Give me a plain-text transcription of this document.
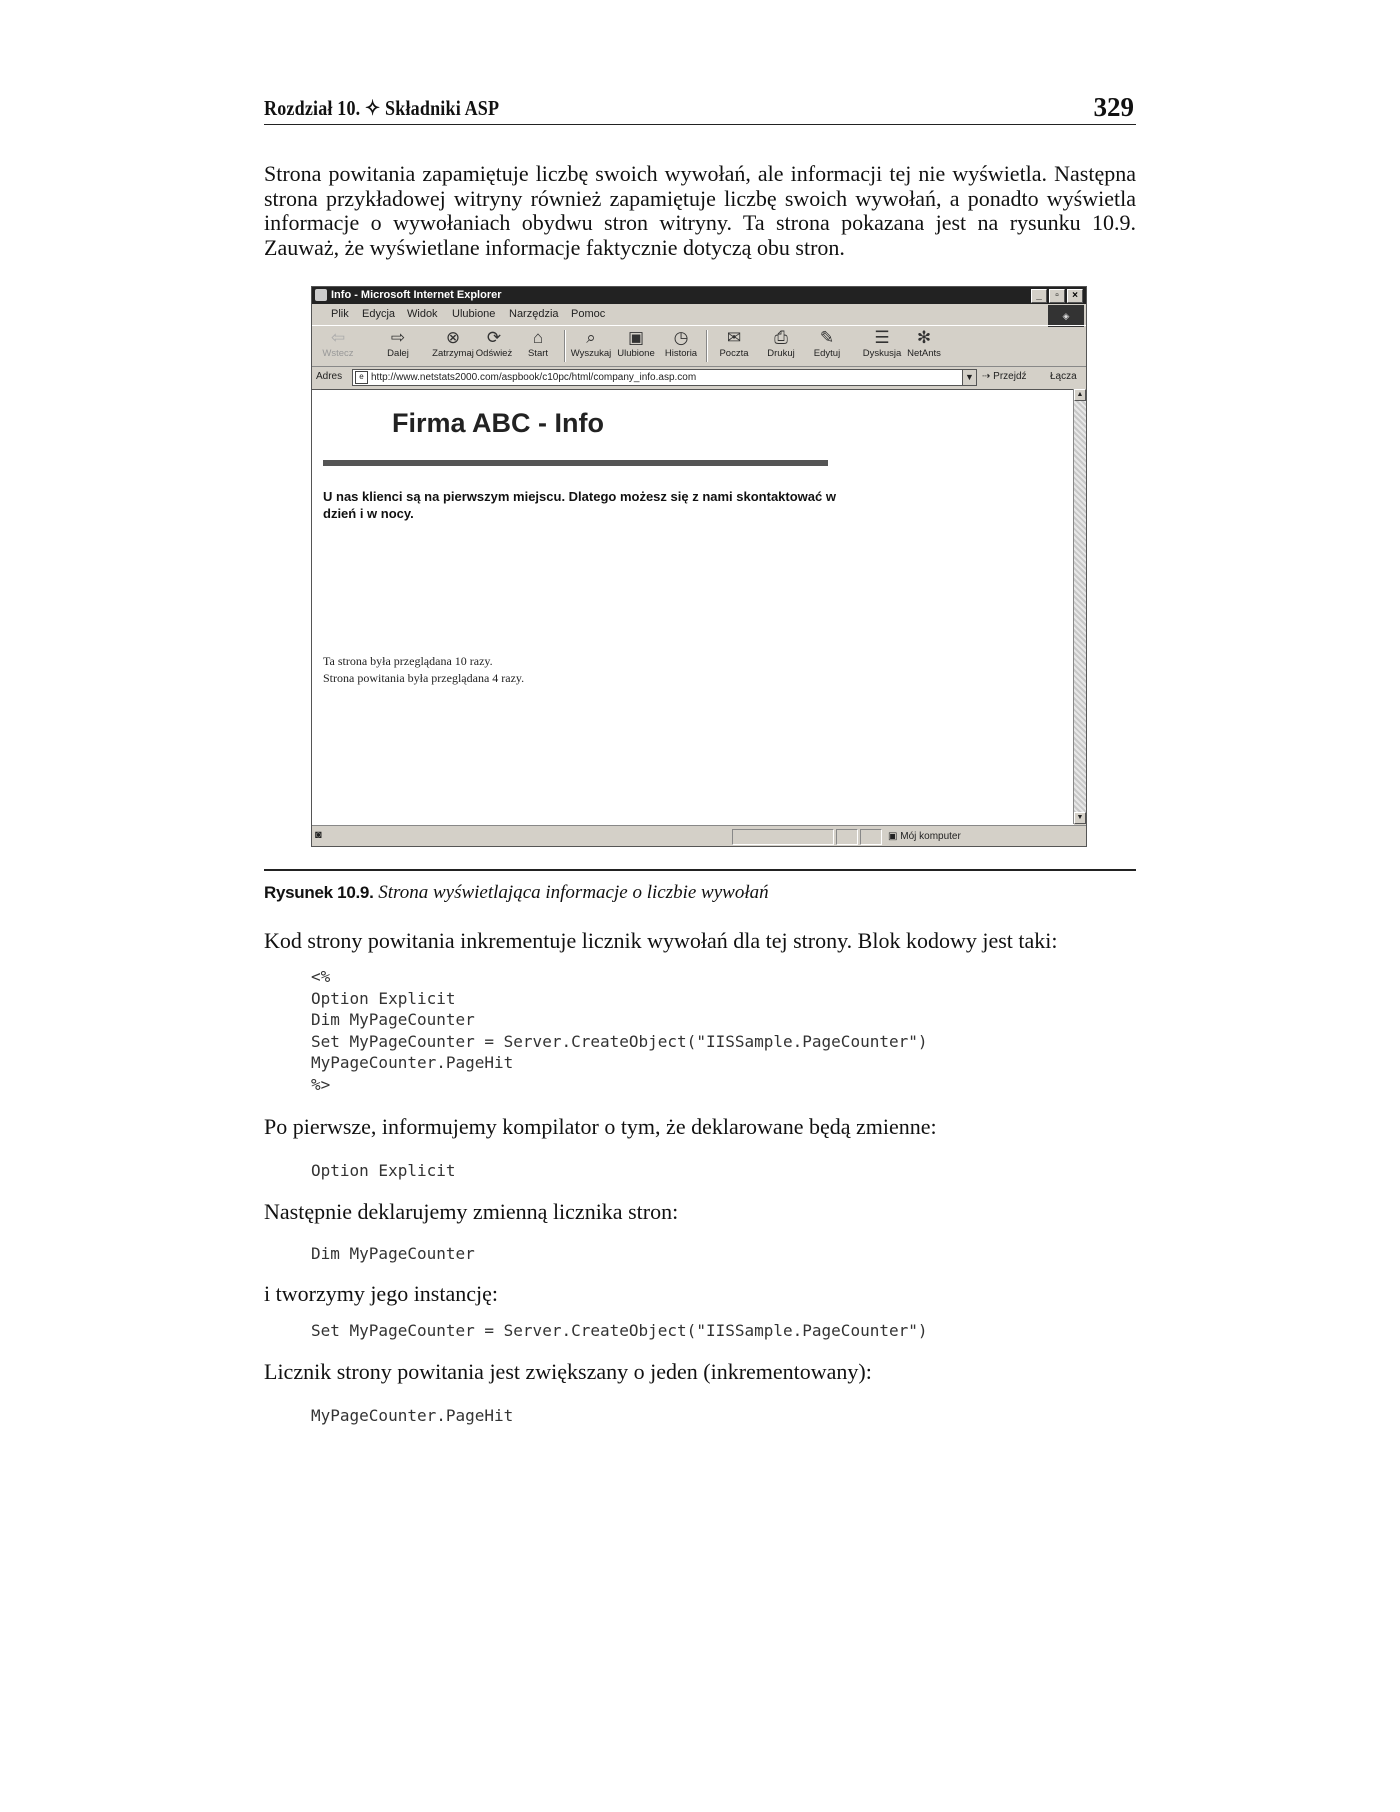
Rozdział 10. ✧ Składniki ASP	329
Strona powitania zapamiętuje liczbę swoich wywołań, ale informacji tej nie wyświetla. Następna strona przykładowej witryny również zapamiętuje liczbę swoich wywołań, a ponadto wyświetla informacje o wywołaniach obydwu stron witryny. Ta strona pokazana jest na rysunku 10.9. Zauważ, że wyświetlane informacje faktycznie dotyczą obu stron.
Info - Microsoft Internet Explorer	_	▫	×
Plik Edycja Widok Ulubione Narzędzia Pomoc	◈
⇦
Wstecz
⇨
Dalej
⊗
Zatrzymaj
⟳
Odśwież
⌂
Start
⌕
Wyszukaj
▣
Ulubione
◷
Historia
✉
Poczta
⎙
Drukuj
✎
Edytuj
☰
Dyskusja
✻
NetAnts
Adres	e http://www.netstats2000.com/aspbook/c10pc/html/company_info.asp.com	▼ ⇢ Przejdź Łącza
Firma ABC - Info
U nas klienci są na pierwszym miejscu. Dlatego możesz się z nami skontaktować w dzień i w nocy.
Ta strona była przeglądana 10 razy.
Strona powitania była przeglądana 4 razy.
▲
▼
◙	▣ Mój komputer
Rysunek 10.9. Strona wyświetlająca informacje o liczbie wywołań
Kod strony powitania inkrementuje licznik wywołań dla tej strony. Blok kodowy jest taki:
<%
Option Explicit
Dim MyPageCounter
Set MyPageCounter = Server.CreateObject("IISSample.PageCounter")
MyPageCounter.PageHit
%>
Po pierwsze, informujemy kompilator o tym, że deklarowane będą zmienne:
Option Explicit
Następnie deklarujemy zmienną licznika stron:
Dim MyPageCounter
i tworzymy jego instancję:
Set MyPageCounter = Server.CreateObject("IISSample.PageCounter")
Licznik strony powitania jest zwiększany o jeden (inkrementowany):
MyPageCounter.PageHit
